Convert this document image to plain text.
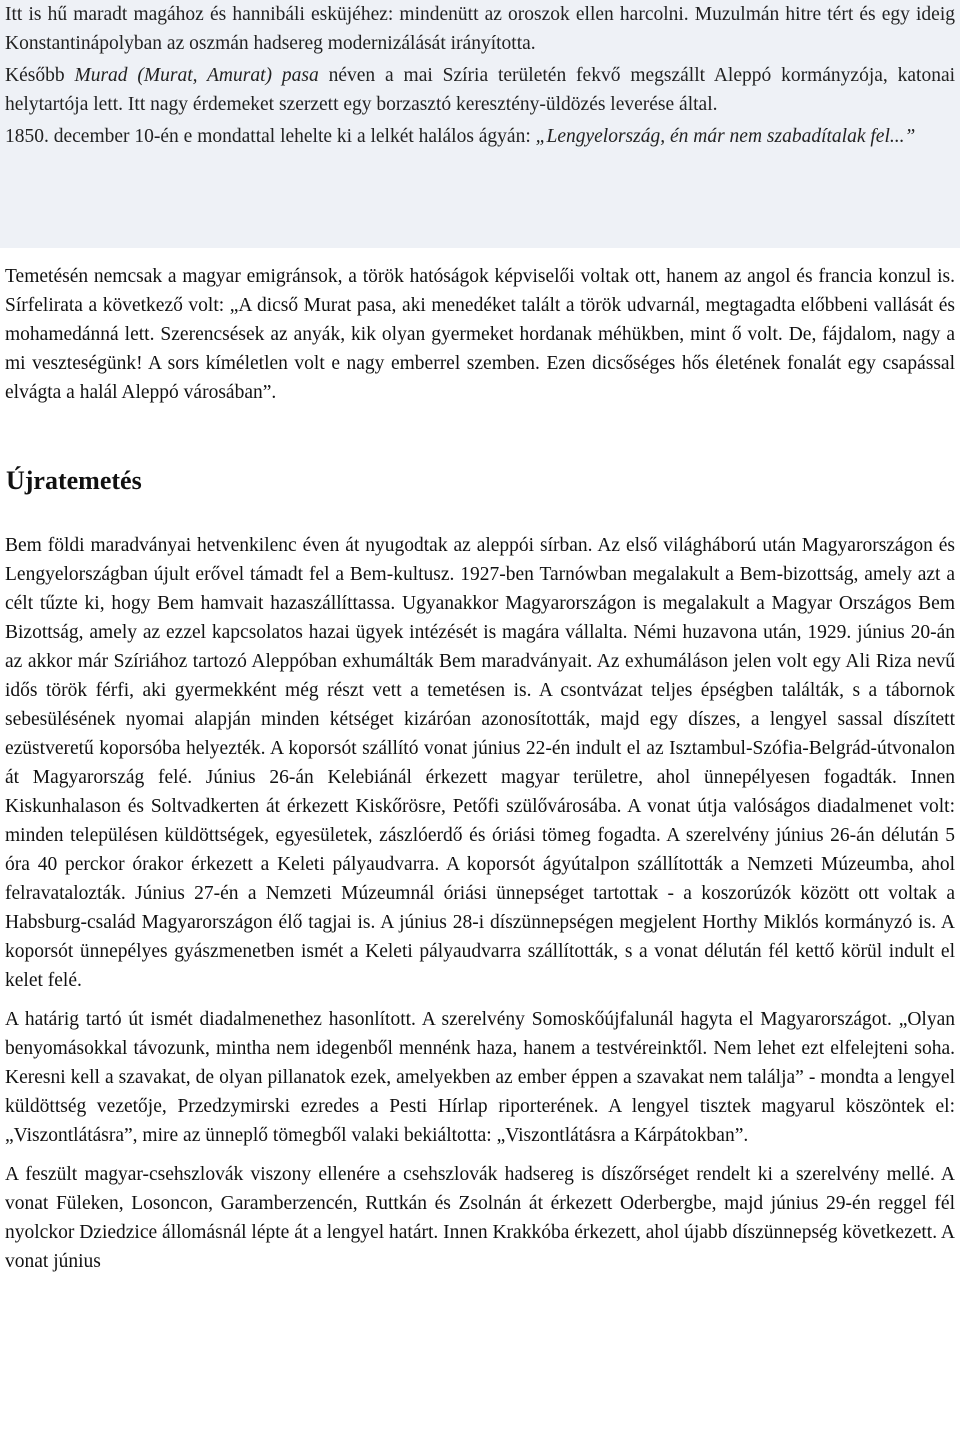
Itt is hű maradt magához és hannibáli esküjéhez: mindenütt az oroszok ellen harcolni. Muzulmán hitre tért és egy ideig Konstantinápolyban az oszmán hadsereg modernizálását irányította.

Később Murad (Murat, Amurat) pasa néven a mai Szíria területén fekvő megszállt Aleppó kormányzója, katonai helytartója lett. Itt nagy érdemeket szerzett egy borzasztó keresztény-üldözés leverése által.

1850. december 10-én e mondattal lehelte ki a lelkét halálos ágyán: „Lengyelország, én már nem szabadítalak fel...”

Temetésén nemcsak a magyar emigránsok, a török hatóságok képviselői voltak ott, hanem az angol és francia konzul is. Sírfelirata a következő volt: „A dicső Murat pasa, aki menedéket talált a török udvarnál, megtagadta előbbeni vallását és mohamedánná lett. Szerencsések az anyák, kik olyan gyermeket hordanak méhükben, mint ő volt. De, fájdalom, nagy a mi veszteségünk! A sors kíméletlen volt e nagy emberrel szemben. Ezen dicsőséges hős életének fonalát egy csapással elvágta a halál Aleppó városában”.

Újratemetés

Bem földi maradványai hetvenkilenc éven át nyugodtak az aleppói sírban. Az első világháború után Magyarországon és Lengyelországban újult erővel támadt fel a Bem-kultusz. 1927-ben Tarnówban megalakult a Bem-bizottság, amely azt a célt tűzte ki, hogy Bem hamvait hazaszállíttassa. Ugyanakkor Magyarországon is megalakult a Magyar Országos Bem Bizottság, amely az ezzel kapcsolatos hazai ügyek intézését is magára vállalta. Némi huzavona után, 1929. június 20-án az akkor már Szíriához tartozó Aleppóban exhumálták Bem maradványait. Az exhumáláson jelen volt egy Ali Riza nevű idős török férfi, aki gyermekként még részt vett a temetésen is. A csontvázat teljes épségben találták, s a tábornok sebesülésének nyomai alapján minden kétséget kizáróan azonosították, majd egy díszes, a lengyel sassal díszített ezüstveretű koporsóba helyezték. A koporsót szállító vonat június 22-én indult el az Isztambul-Szófia-Belgrád-útvonalon át Magyarország felé. Június 26-án Kelebiánál érkezett magyar területre, ahol ünnepélyesen fogadták. Innen Kiskunhalason és Soltvadkerten át érkezett Kiskőrösre, Petőfi szülővárosába. A vonat útja valóságos diadalmenet volt: minden településen küldöttségek, egyesületek, zászlóerdő és óriási tömeg fogadta. A szerelvény június 26-án délután 5 óra 40 perckor órakor érkezett a Keleti pályaudvarra. A koporsót ágyútalpon szállították a Nemzeti Múzeumba, ahol felravatalozták. Június 27-én a Nemzeti Múzeumnál óriási ünnepséget tartottak - a koszorúzók között ott voltak a Habsburg-család Magyarországon élő tagjai is. A június 28-i díszünnepségen megjelent Horthy Miklós kormányzó is. A koporsót ünnepélyes gyászmenetben ismét a Keleti pályaudvarra szállították, s a vonat délután fél kettő körül indult el kelet felé.

A határig tartó út ismét diadalmenethez hasonlított. A szerelvény Somoskőújfalunál hagyta el Magyarországot. „Olyan benyomásokkal távozunk, mintha nem idegenből mennénk haza, hanem a testvéreinktől. Nem lehet ezt elfelejteni soha. Keresni kell a szavakat, de olyan pillanatok ezek, amelyekben az ember éppen a szavakat nem találja” - mondta a lengyel küldöttség vezetője, Przedzymirski ezredes a Pesti Hírlap riporterének. A lengyel tisztek magyarul köszöntek el: „Viszontlátásra”, mire az ünneplő tömegből valaki bekiáltotta: „Viszontlátásra a Kárpátokban”.

A feszült magyar-csehszlovák viszony ellenére a csehszlovák hadsereg is díszőrséget rendelt ki a szerelvény mellé. A vonat Füleken, Losoncon, Garamberzencén, Ruttkán és Zsolnán át érkezett Oderbergbe, majd június 29-én reggel fél nyolckor Dziedzice állomásnál lépte át a lengyel határt. Innen Krakkóba érkezett, ahol újabb díszünnepség következett. A vonat június
